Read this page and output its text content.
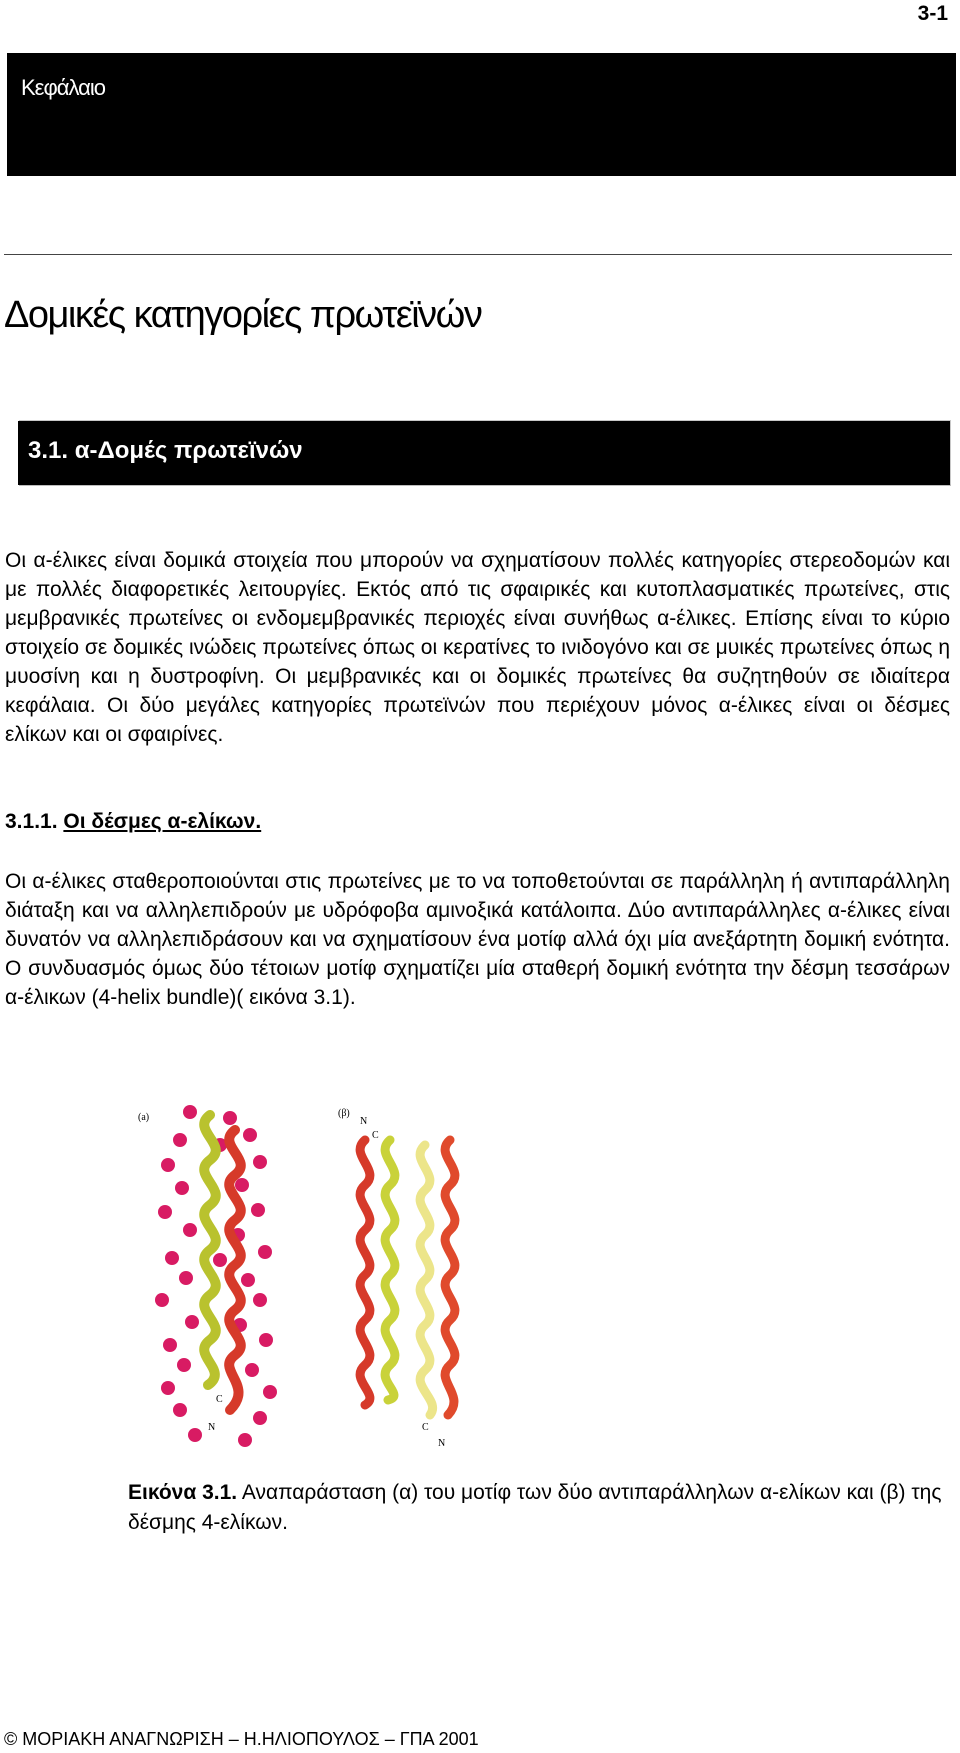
3-1
Κεφάλαιο
Δομικές κατηγορίες πρωτεϊνών
3.1. α-Δομές πρωτεϊνών

Οι α-έλικες είναι δομικά στοιχεία που μπορούν να σχηματίσουν πολλές κατηγορίες στερεοδομών και με πολλές διαφορετικές λειτουργίες. Εκτός από τις σφαιρικές και κυτοπλασματικές πρωτείνες, στις μεμβρανικές πρωτείνες οι ενδομεμβρανικές περιοχές είναι συνήθως α-έλικες. Επίσης είναι το κύριο στοιχείο σε δομικές ινώδεις πρωτείνες όπως οι κερατίνες το ινιδογόνο και σε μυικές πρωτείνες όπως η μυοσίνη και η δυστροφίνη. Οι μεμβρανικές και οι δομικές πρωτείνες θα συζητηθούν σε ιδιαίτερα κεφάλαια. Οι δύο μεγάλες κατηγορίες πρωτεϊνών που περιέχουν μόνος α-έλικες είναι οι δέσμες ελίκων και οι σφαιρίνες.

3.1.1. Οι δέσμες α-ελίκων.

Οι α-έλικες σταθεροποιούνται στις πρωτείνες με το να τοποθετούνται σε παράλληλη ή αντιπαράλληλη διάταξη και να αλληλεπιδρούν με υδρόφοβα αμινοξικά κατάλοιπα. Δύο αντιπαράλληλες α-έλικες είναι δυνατόν να αλληλεπιδράσουν και να σχηματίσουν ένα μοτίφ αλλά όχι μία ανεξάρτητη δομική ενότητα. Ο συνδυασμός όμως δύο τέτοιων μοτίφ σχηματίζει μία σταθερή δομική ενότητα την δέσμη τεσσάρων α-έλικων (4-helix bundle)( εικόνα 3.1).

(a)
C
N
(β)
N
C
C
N
Εικόνα 3.1. Αναπαράσταση (α) του μοτίφ των δύο αντιπαράλληλων α-ελίκων και (β) της δέσμης 4-ελίκων.
© ΜΟΡΙΑΚΗ ΑΝΑΓΝΩΡΙΣΗ – Η.ΗΛΙΟΠΟΥΛΟΣ – ΓΠΑ 2001
